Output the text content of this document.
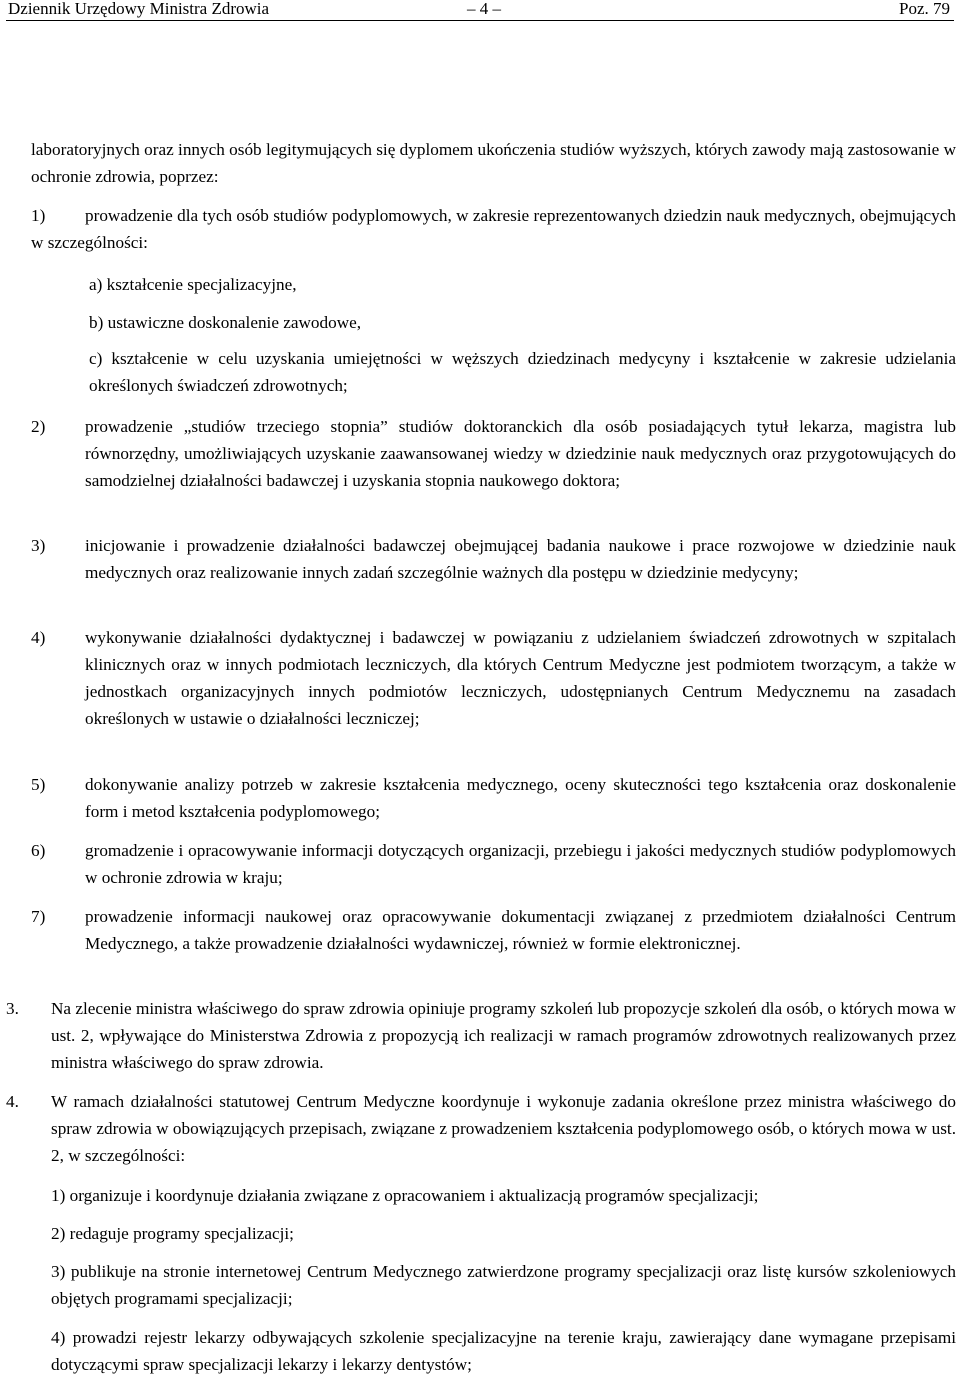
Dziennik Urzędowy Ministra Zdrowia	– 4 –	Poz. 79
laboratoryjnych oraz innych osób legitymujących się dyplomem ukończenia studiów wyższych, których zawody mają zastosowanie w ochronie zdrowia, poprzez:
1)	prowadzenie dla tych osób studiów podyplomowych, w zakresie reprezentowanych dziedzin nauk medycznych, obejmujących w szczególności:
a) kształcenie specjalizacyjne,
b) ustawiczne doskonalenie zawodowe,
c) kształcenie w celu uzyskania umiejętności w węższych dziedzinach medycyny i kształcenie w zakresie udzielania określonych świadczeń zdrowotnych;
2) prowadzenie „studiów trzeciego stopnia” studiów doktoranckich dla osób posiadających tytuł lekarza, magistra lub równorzędny, umożliwiających uzyskanie zaawansowanej wiedzy w dziedzinie nauk medycznych oraz przygotowujących do samodzielnej działalności badawczej i uzyskania stopnia naukowego doktora;
3) inicjowanie i prowadzenie działalności badawczej obejmującej badania naukowe i prace rozwojowe w dziedzinie nauk medycznych oraz realizowanie innych zadań szczególnie ważnych dla postępu w dziedzinie medycyny;
4) wykonywanie działalności dydaktycznej i badawczej w powiązaniu z udzielaniem świadczeń zdrowotnych w szpitalach klinicznych oraz w innych podmiotach leczniczych, dla których Centrum Medyczne jest podmiotem tworzącym, a także w jednostkach organizacyjnych innych podmiotów leczniczych, udostępnianych Centrum Medycznemu na zasadach określonych w ustawie o działalności leczniczej;
5) dokonywanie analizy potrzeb w zakresie kształcenia medycznego, oceny skuteczności tego kształcenia oraz doskonalenie form i metod kształcenia podyplomowego;
6) gromadzenie i opracowywanie informacji dotyczących organizacji, przebiegu i jakości medycznych studiów podyplomowych w ochronie zdrowia w kraju;
7) prowadzenie informacji naukowej oraz opracowywanie dokumentacji związanej z przedmiotem działalności Centrum Medycznego, a także prowadzenie działalności wydawniczej, również w formie elektronicznej.
3. Na zlecenie ministra właściwego do spraw zdrowia opiniuje programy szkoleń lub propozycje szkoleń dla osób, o których mowa w ust. 2, wpływające do Ministerstwa Zdrowia z propozycją ich realizacji w ramach programów zdrowotnych realizowanych przez ministra właściwego do spraw zdrowia.
4. W ramach działalności statutowej Centrum Medyczne koordynuje i wykonuje zadania określone przez ministra właściwego do spraw zdrowia w obowiązujących przepisach, związane z prowadzeniem kształcenia podyplomowego osób, o których mowa w ust. 2, w szczególności:
1) organizuje i koordynuje działania związane z opracowaniem i aktualizacją programów specjalizacji;
2) redaguje programy specjalizacji;
3) publikuje na stronie internetowej Centrum Medycznego zatwierdzone programy specjalizacji oraz listę kursów szkoleniowych objętych programami specjalizacji;
4) prowadzi rejestr lekarzy odbywających szkolenie specjalizacyjne na terenie kraju, zawierający dane wymagane przepisami dotyczącymi spraw specjalizacji lekarzy i lekarzy dentystów;
